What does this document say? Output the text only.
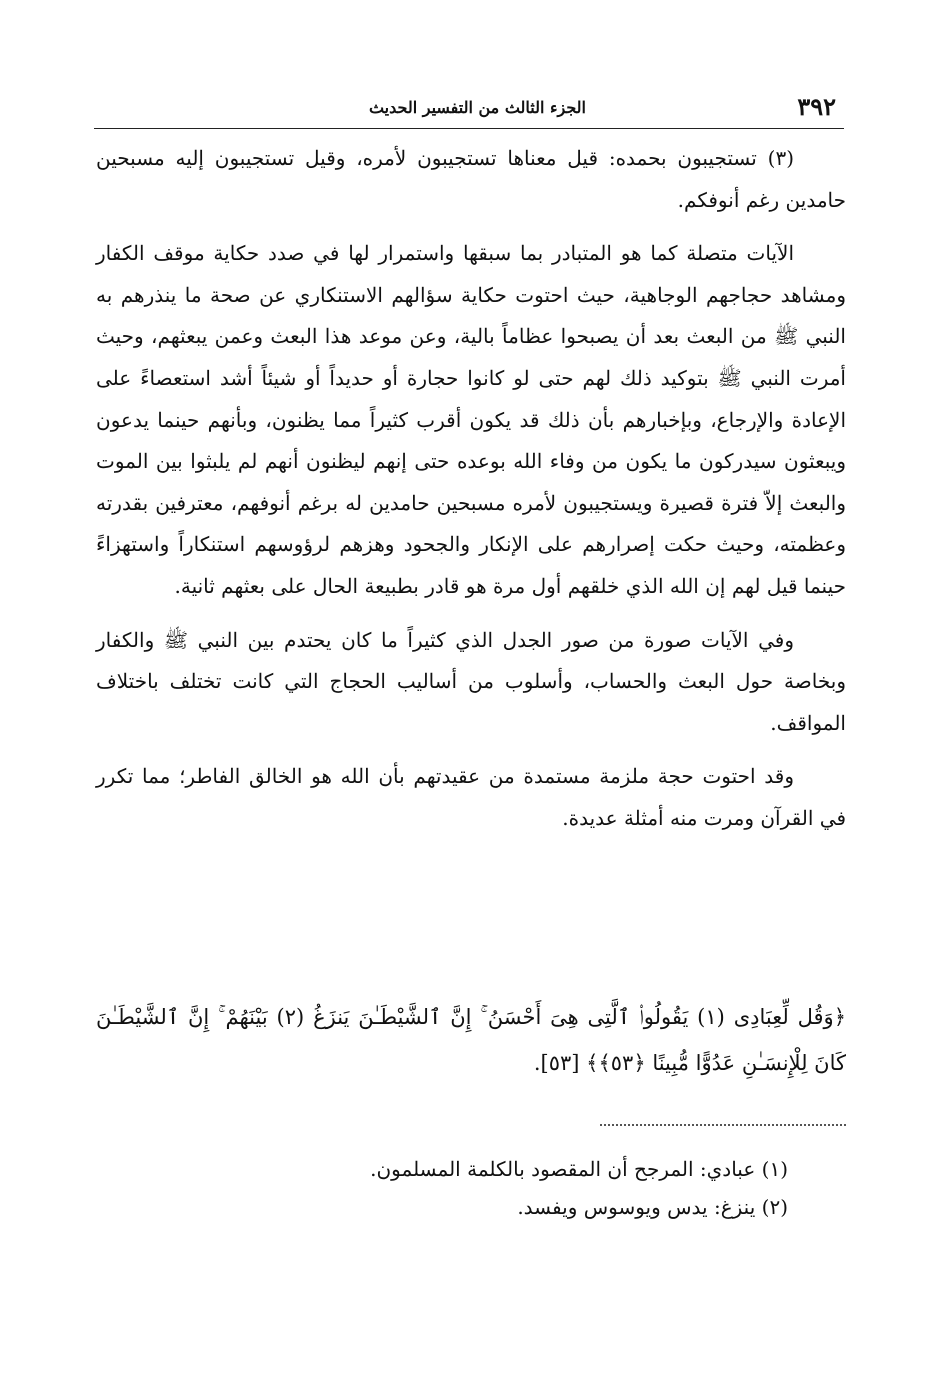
٣٩٢
الجزء الثالث من التفسير الحديث

(٣) تستجيبون بحمده: قيل معناها تستجيبون لأمره، وقيل تستجيبون إليه مسبحين حامدين رغم أنوفكم.

الآيات متصلة كما هو المتبادر بما سبقها واستمرار لها في صدد حكاية موقف الكفار ومشاهد حجاجهم الوجاهية، حيث احتوت حكاية سؤالهم الاستنكاري عن صحة ما ينذرهم به النبي ﷺ من البعث بعد أن يصبحوا عظاماً بالية، وعن موعد هذا البعث وعمن يبعثهم، وحيث أمرت النبي ﷺ بتوكيد ذلك لهم حتى لو كانوا حجارة أو حديداً أو شيئاً أشد استعصاءً على الإعادة والإرجاع، وبإخبارهم بأن ذلك قد يكون أقرب كثيراً مما يظنون، وبأنهم حينما يدعون ويبعثون سيدركون ما يكون من وفاء الله بوعده حتى إنهم ليظنون أنهم لم يلبثوا بين الموت والبعث إلاّ فترة قصيرة ويستجيبون لأمره مسبحين حامدين له برغم أنوفهم، معترفين بقدرته وعظمته، وحيث حكت إصرارهم على الإنكار والجحود وهزهم لرؤوسهم استنكاراً واستهزاءً حينما قيل لهم إن الله الذي خلقهم أول مرة هو قادر بطبيعة الحال على بعثهم ثانية.

وفي الآيات صورة من صور الجدل الذي كثيراً ما كان يحتدم بين النبي ﷺ والكفار وبخاصة حول البعث والحساب، وأسلوب من أساليب الحجاج التي كانت تختلف باختلاف المواقف.

وقد احتوت حجة ملزمة مستمدة من عقيدتهم بأن الله هو الخالق الفاطر؛ مما تكرر في القرآن ومرت منه أمثلة عديدة.

﴿وَقُل لِّعِبَادِى (١) يَقُولُوا۟ ٱلَّتِى هِىَ أَحْسَنُ ۚ إِنَّ ٱلشَّيْطَـٰنَ يَنزَغُ (٢) بَيْنَهُمْ ۚ إِنَّ ٱلشَّيْطَـٰنَ كَانَ لِلْإِنسَـٰنِ عَدُوًّا مُّبِينًا ﴿٥٣﴾﴾ [٥٣].
(١) عبادي: المرجح أن المقصود بالكلمة المسلمون.
(٢) ينزغ: يدس ويوسوس ويفسد.
